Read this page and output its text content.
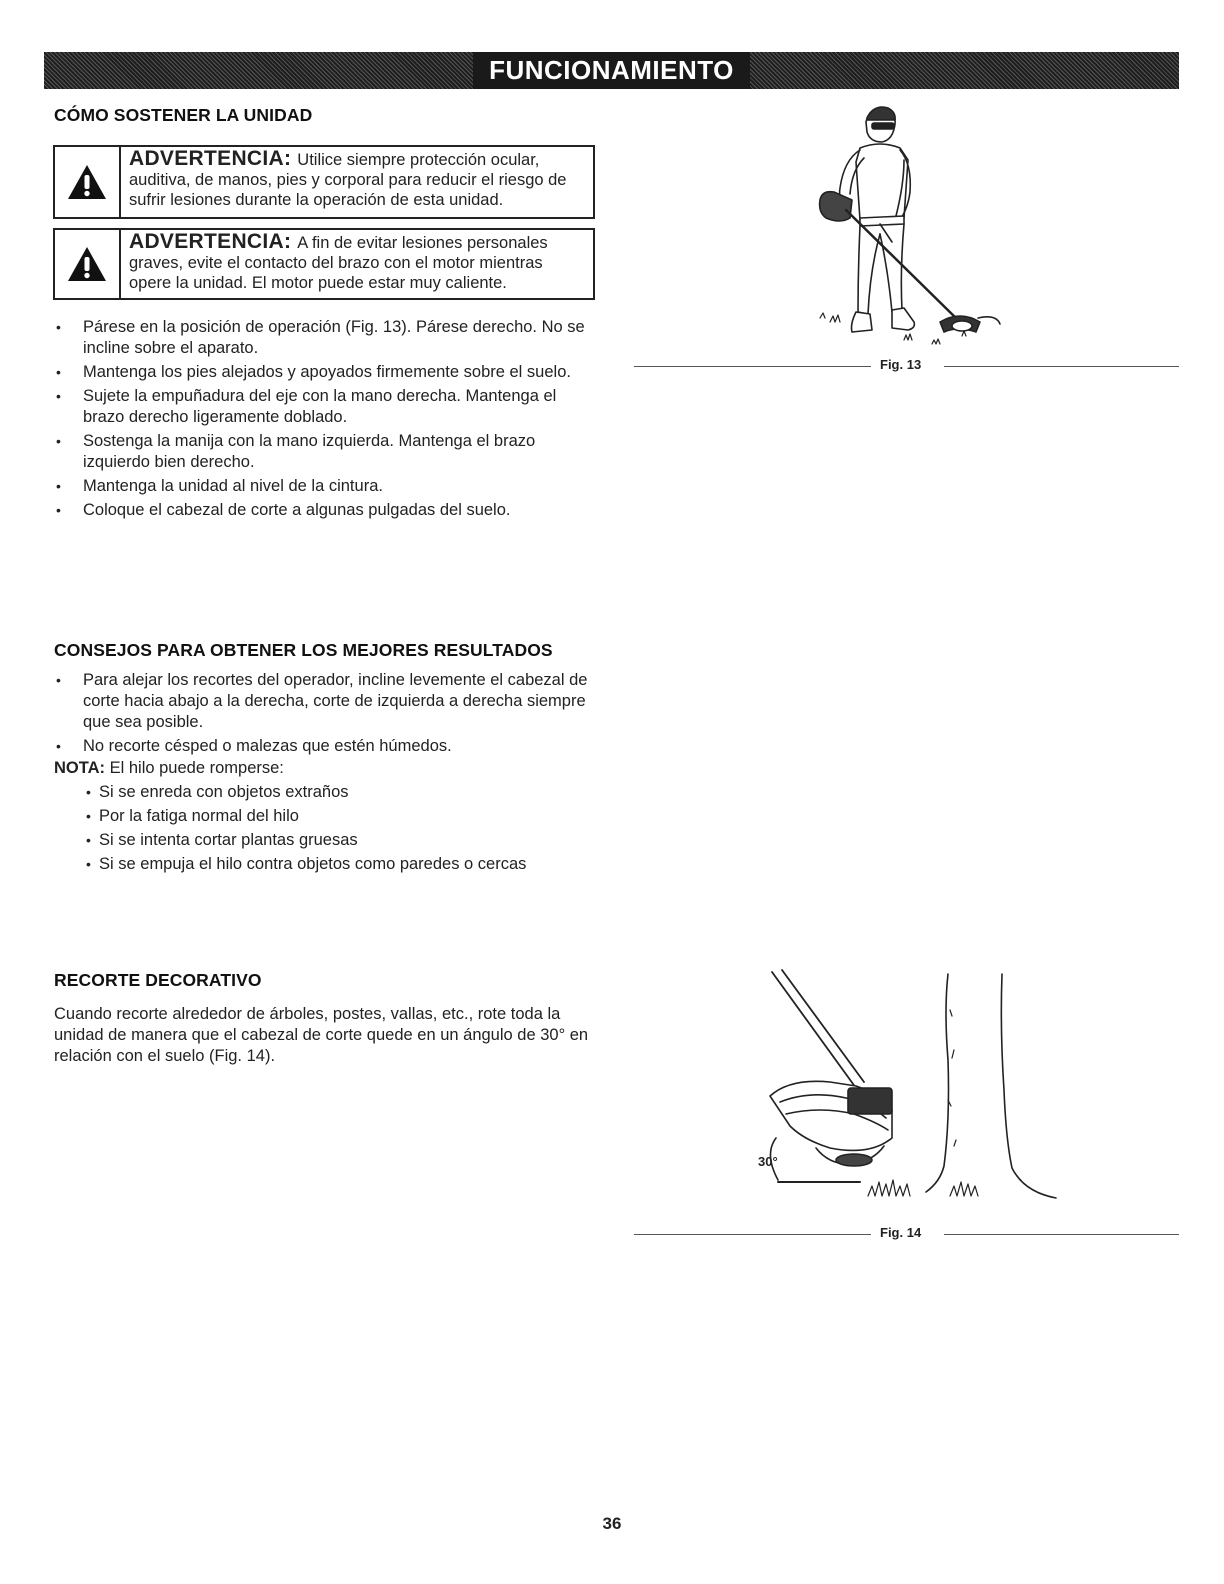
FUNCIONAMIENTO
CÓMO SOSTENER LA UNIDAD
ADVERTENCIA: Utilice siempre protección ocular, auditiva, de manos, pies y corporal para reducir el riesgo de sufrir lesiones durante la operación de esta unidad.
ADVERTENCIA: A fin de evitar lesiones personales graves, evite el contacto del brazo con el motor mientras opere la unidad. El motor puede estar muy caliente.
• Párese en la posición de operación (Fig. 13). Párese derecho. No se incline sobre el aparato.
• Mantenga los pies alejados y apoyados firmemente sobre el suelo.
• Sujete la empuñadura del eje con la mano derecha. Mantenga el brazo derecho ligeramente doblado.
• Sostenga la manija con la mano izquierda. Mantenga el brazo izquierdo bien derecho.
• Mantenga la unidad al nivel de la cintura.
• Coloque el cabezal de corte a algunas pulgadas del suelo.
Fig. 13
CONSEJOS PARA OBTENER LOS MEJORES RESULTADOS
• Para alejar los recortes del operador, incline levemente el cabezal de corte hacia abajo a la derecha, corte de izquierda a derecha siempre que sea posible.
• No recorte césped o malezas que estén húmedos.
NOTA: El hilo puede romperse:
• Si se enreda con objetos extraños
• Por la fatiga normal del hilo
• Si se intenta cortar plantas gruesas
• Si se empuja el hilo contra objetos como paredes o cercas
RECORTE DECORATIVO
Cuando recorte alrededor de árboles, postes, vallas, etc., rote toda la unidad de manera que el cabezal de corte quede en un ángulo de 30° en relación con el suelo (Fig. 14).
30°
Fig. 14
36
